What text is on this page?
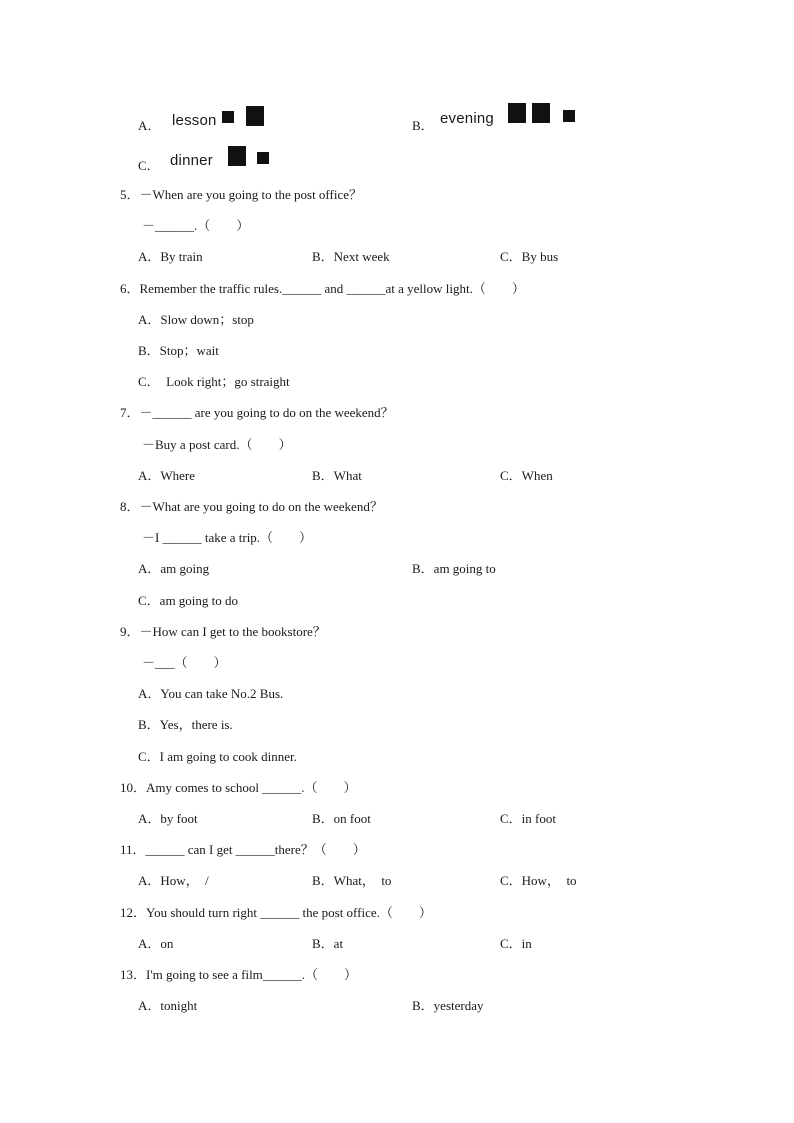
A． lesson	B． evening
C． dinner
5．－When are you going to the post office？
－______.（　　）
A．By train	B．Next week	C．By bus
6．Remember the traffic rules.______ and ______at a yellow light.（　　）
A．Slow down；stop
B．Stop；wait
C．  Look right；go straight
7．－______ are you going to do on the weekend？
－Buy a post card.（　　）
A．Where	B．What	C．When
8．－What are you going to do on the weekend？
－I ______ take a trip.（　　）
A．am going	B．am going to
C．am going to do
9．－How can I get to the bookstore？
－___（　　）
A．You can take No.2 Bus.
B．Yes，there is.
C．I am going to cook dinner.
10．Amy comes to school ______.（　　）
A．by foot	B．on foot	C．in foot
11．______ can I get ______there？（　　）
A．How，  /	B．What，  to	C．How，  to
12．You should turn right ______ the post office.（　　）
A．on	B．at	C．in
13．I'm going to see a film______.（　　）
A．tonight	B．yesterday
